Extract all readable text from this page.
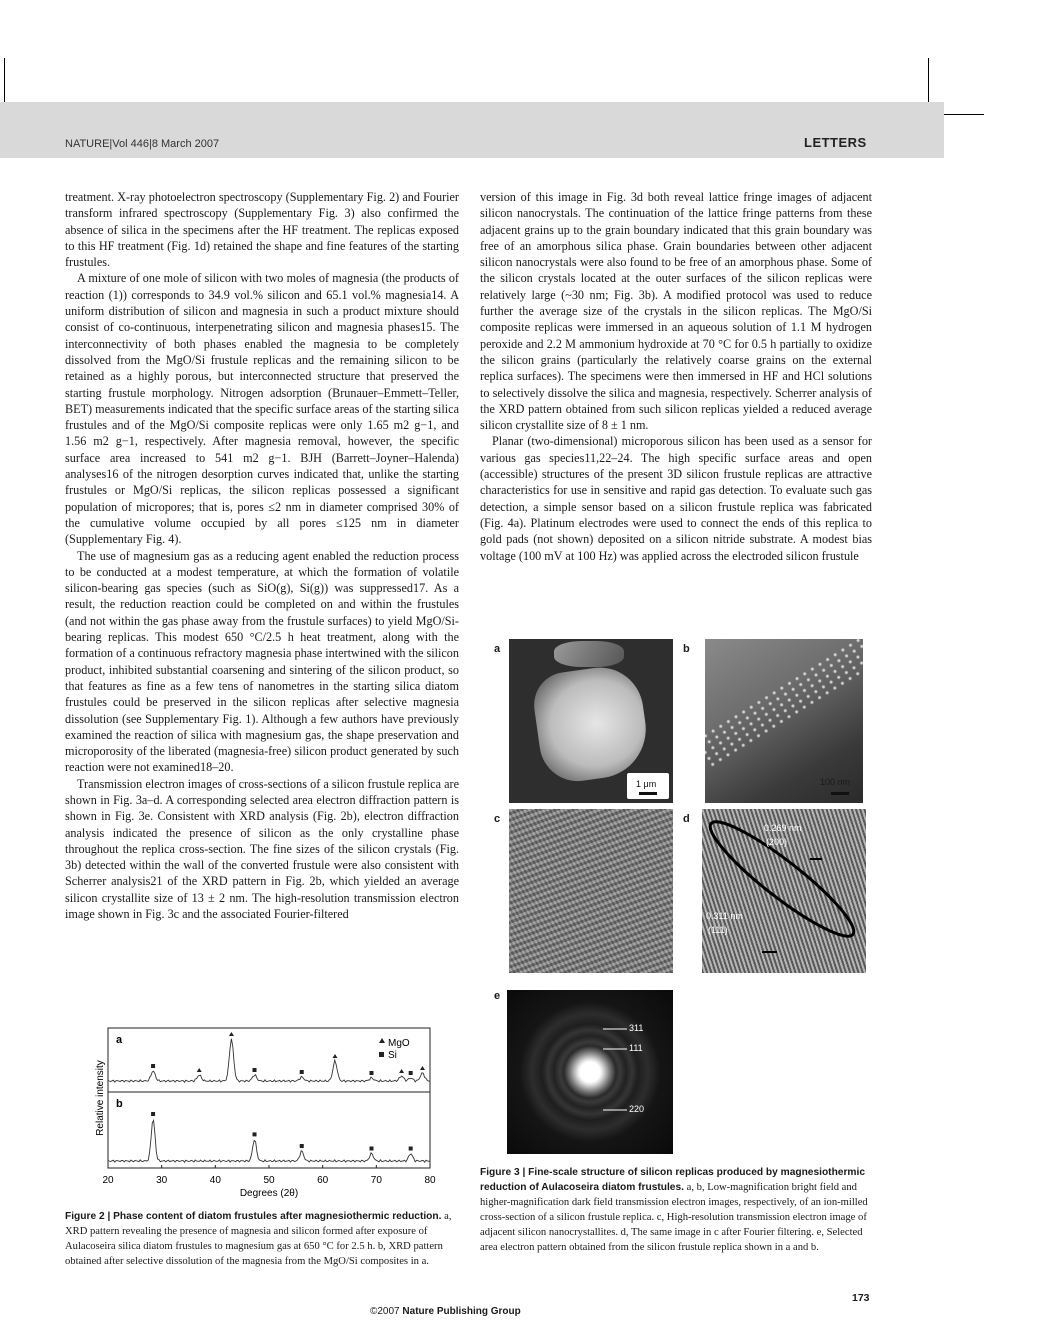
NATURE|Vol 446|8 March 2007	LETTERS

treatment. X-ray photoelectron spectroscopy (Supplementary Fig. 2) and Fourier transform infrared spectroscopy (Supplementary Fig. 3) also confirmed the absence of silica in the specimens after the HF treatment. The replicas exposed to this HF treatment (Fig. 1d) retained the shape and fine features of the starting frustules.

A mixture of one mole of silicon with two moles of magnesia (the products of reaction (1)) corresponds to 34.9 vol.% silicon and 65.1 vol.% magnesia14. A uniform distribution of silicon and magnesia in such a product mixture should consist of co-continuous, interpenetrating silicon and magnesia phases15. The interconnectivity of both phases enabled the magnesia to be completely dissolved from the MgO/Si frustule replicas and the remaining silicon to be retained as a highly porous, but interconnected structure that preserved the starting frustule morphology. Nitrogen adsorption (Brunauer–Emmett–Teller, BET) measurements indicated that the specific surface areas of the starting silica frustules and of the MgO/Si composite replicas were only 1.65 m2 g−1, and 1.56 m2 g−1, respectively. After magnesia removal, however, the specific surface area increased to 541 m2 g−1. BJH (Barrett–Joyner–Halenda) analyses16 of the nitrogen desorption curves indicated that, unlike the starting frustules or MgO/Si replicas, the silicon replicas possessed a significant population of micropores; that is, pores ≤2 nm in diameter comprised 30% of the cumulative volume occupied by all pores ≤125 nm in diameter (Supplementary Fig. 4).

The use of magnesium gas as a reducing agent enabled the reduction process to be conducted at a modest temperature, at which the formation of volatile silicon-bearing gas species (such as SiO(g), Si(g)) was suppressed17. As a result, the reduction reaction could be completed on and within the frustules (and not within the gas phase away from the frustule surfaces) to yield MgO/Si-bearing replicas. This modest 650 °C/2.5 h heat treatment, along with the formation of a continuous refractory magnesia phase intertwined with the silicon product, inhibited substantial coarsening and sintering of the silicon product, so that features as fine as a few tens of nanometres in the starting silica diatom frustules could be preserved in the silicon replicas after selective magnesia dissolution (see Supplementary Fig. 1). Although a few authors have previously examined the reaction of silica with magnesium gas, the shape preservation and microporosity of the liberated (magnesia-free) silicon product generated by such reaction were not examined18–20.

Transmission electron images of cross-sections of a silicon frustule replica are shown in Fig. 3a–d. A corresponding selected area electron diffraction pattern is shown in Fig. 3e. Consistent with XRD analysis (Fig. 2b), electron diffraction analysis indicated the presence of silicon as the only crystalline phase throughout the replica cross-section. The fine sizes of the silicon crystals (Fig. 3b) detected within the wall of the converted frustule were also consistent with Scherrer analysis21 of the XRD pattern in Fig. 2b, which yielded an average silicon crystallite size of 13 ± 2 nm. The high-resolution transmission electron image shown in Fig. 3c and the associated Fourier-filtered

version of this image in Fig. 3d both reveal lattice fringe images of adjacent silicon nanocrystals. The continuation of the lattice fringe patterns from these adjacent grains up to the grain boundary indicated that this grain boundary was free of an amorphous silica phase. Grain boundaries between other adjacent silicon nanocrystals were also found to be free of an amorphous phase. Some of the silicon crystals located at the outer surfaces of the silicon replicas were relatively large (~30 nm; Fig. 3b). A modified protocol was used to reduce further the average size of the crystals in the silicon replicas. The MgO/Si composite replicas were immersed in an aqueous solution of 1.1 M hydrogen peroxide and 2.2 M ammonium hydroxide at 70 °C for 0.5 h partially to oxidize the silicon grains (particularly the relatively coarse grains on the external replica surfaces). The specimens were then immersed in HF and HCl solutions to selectively dissolve the silica and magnesia, respectively. Scherrer analysis of the XRD pattern obtained from such silicon replicas yielded a reduced average silicon crystallite size of 8 ± 1 nm.

Planar (two-dimensional) microporous silicon has been used as a sensor for various gas species11,22–24. The high specific surface areas and open (accessible) structures of the present 3D silicon frustule replicas are attractive characteristics for use in sensitive and rapid gas detection. To evaluate such gas detection, a simple sensor based on a silicon frustule replica was fabricated (Fig. 4a). Platinum electrodes were used to connect the ends of this replica to gold pads (not shown) deposited on a silicon nitride substrate. A modest bias voltage (100 mV at 100 Hz) was applied across the electroded silicon frustule

20	30	40	50	60	70	80
a
b
MgO
Si
Degrees (2θ)
Relative intensity
Figure 2 | Phase content of diatom frustules after magnesiothermic reduction. a, XRD pattern revealing the presence of magnesia and silicon formed after exposure of Aulacoseira silica diatom frustules to magnesium gas at 650 °C for 2.5 h. b, XRD pattern obtained after selective dissolution of the magnesia from the MgO/Si composites in a.
a	b
c	d
e
1 μm	100 nm
0.269 nm
(200)
0.311 nm
(111)
311
111
220
Figure 3 | Fine-scale structure of silicon replicas produced by magnesiothermic reduction of Aulacoseira diatom frustules. a, b, Low-magnification bright field and higher-magnification dark field transmission electron images, respectively, of an ion-milled cross-section of a silicon frustule replica. c, High-resolution transmission electron image of adjacent silicon nanocrystallites. d, The same image in c after Fourier filtering. e, Selected area electron pattern obtained from the silicon frustule replica shown in a and b.
173
©2007 Nature Publishing Group
